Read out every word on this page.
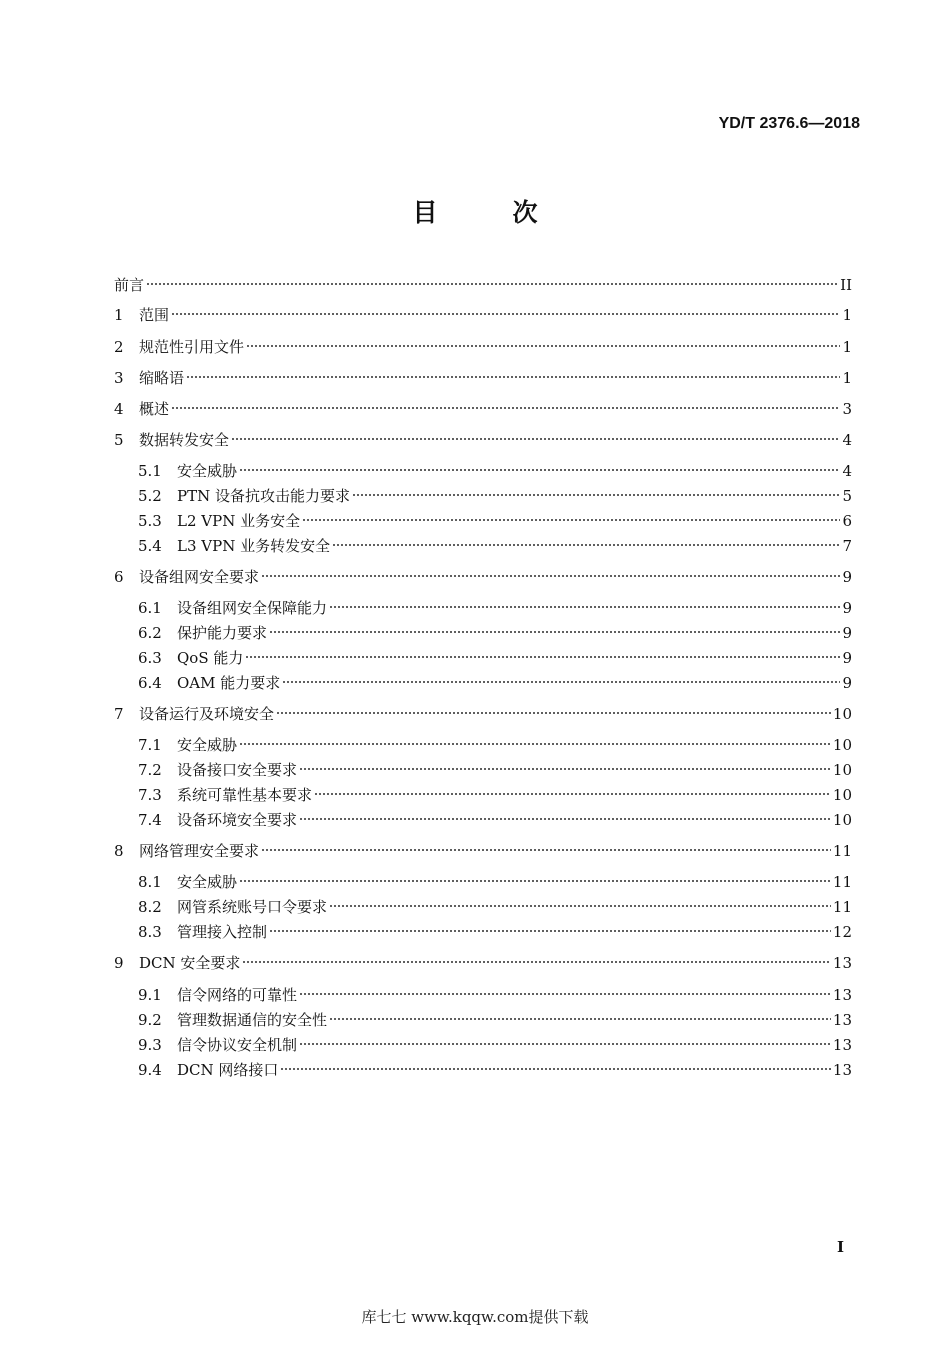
YD/T 2376.6—2018
目　次
前言	II
1	范围	1
2	规范性引用文件	1
3	缩略语	1
4	概述	3
5	数据转发安全	4
5.1	安全威胁	4
5.2	PTN 设备抗攻击能力要求	5
5.3	L2 VPN 业务安全	6
5.4	L3 VPN 业务转发安全	7
6	设备组网安全要求	9
6.1	设备组网安全保障能力	9
6.2	保护能力要求	9
6.3	QoS 能力	9
6.4	OAM 能力要求	9
7	设备运行及环境安全	10
7.1	安全威胁	10
7.2	设备接口安全要求	10
7.3	系统可靠性基本要求	10
7.4	设备环境安全要求	10
8	网络管理安全要求	11
8.1	安全威胁	11
8.2	网管系统账号口令要求	11
8.3	管理接入控制	12
9	DCN 安全要求	13
9.1	信令网络的可靠性	13
9.2	管理数据通信的安全性	13
9.3	信令协议安全机制	13
9.4	DCN 网络接口	13
I
库七七 www.kqqw.com提供下载
